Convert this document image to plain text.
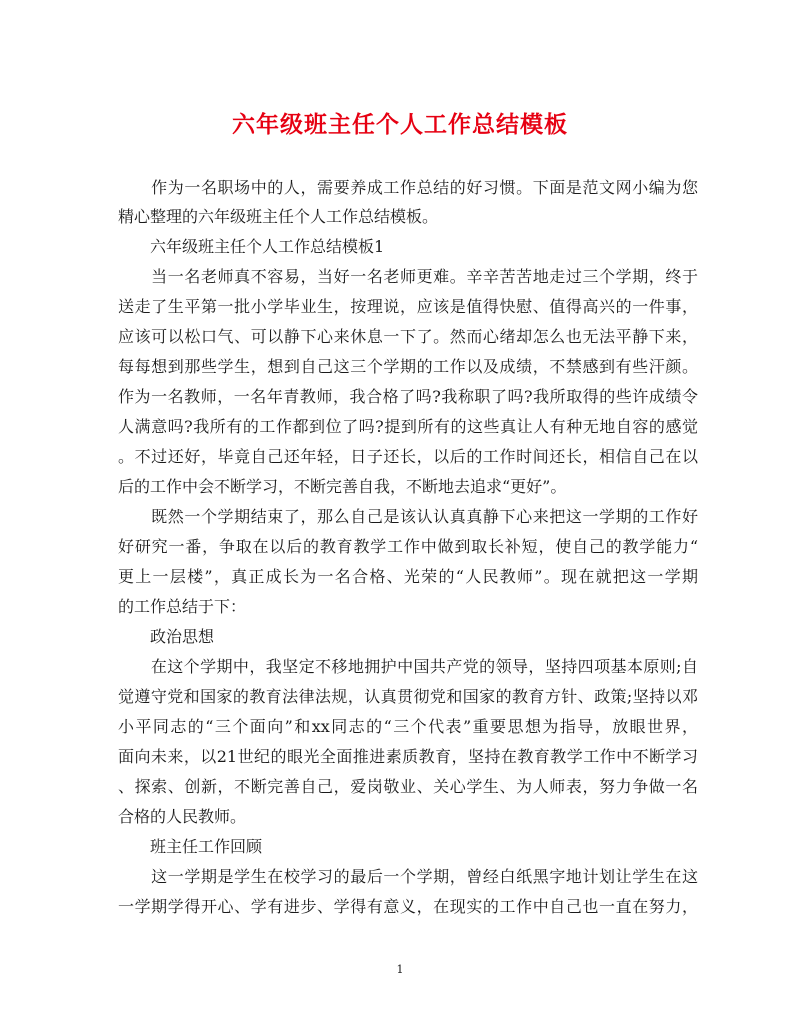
六年级班主任个人工作总结模板
　　作为一名职场中的人，需要养成工作总结的好习惯。下面是范文网小编为您
精心整理的六年级班主任个人工作总结模板。
　　六年级班主任个人工作总结模板1
　　当一名老师真不容易，当好一名老师更难。辛辛苦苦地走过三个学期，终于
送走了生平第一批小学毕业生，按理说，应该是值得快慰、值得高兴的一件事，
应该可以松口气、可以静下心来休息一下了。然而心绪却怎么也无法平静下来，
每每想到那些学生，想到自己这三个学期的工作以及成绩，不禁感到有些汗颜。
作为一名教师，一名年青教师，我合格了吗?我称职了吗?我所取得的些许成绩令
人满意吗?我所有的工作都到位了吗?提到所有的这些真让人有种无地自容的感觉
。不过还好，毕竟自己还年轻，日子还长，以后的工作时间还长，相信自己在以
后的工作中会不断学习，不断完善自我，不断地去追求“更好”。
　　既然一个学期结束了，那么自己是该认认真真静下心来把这一学期的工作好
好研究一番，争取在以后的教育教学工作中做到取长补短，使自己的教学能力“
更上一层楼”，真正成长为一名合格、光荣的“人民教师”。现在就把这一学期
的工作总结于下：
　　政治思想
　　在这个学期中，我坚定不移地拥护中国共产党的领导，坚持四项基本原则;自
觉遵守党和国家的教育法律法规，认真贯彻党和国家的教育方针、政策;坚持以邓
小平同志的“三个面向”和xx同志的“三个代表”重要思想为指导，放眼世界，
面向未来，以21世纪的眼光全面推进素质教育，坚持在教育教学工作中不断学习
、探索、创新，不断完善自己，爱岗敬业、关心学生、为人师表，努力争做一名
合格的人民教师。
　　班主任工作回顾
　　这一学期是学生在校学习的最后一个学期，曾经白纸黑字地计划让学生在这
一学期学得开心、学有进步、学得有意义，在现实的工作中自己也一直在努力，
1
